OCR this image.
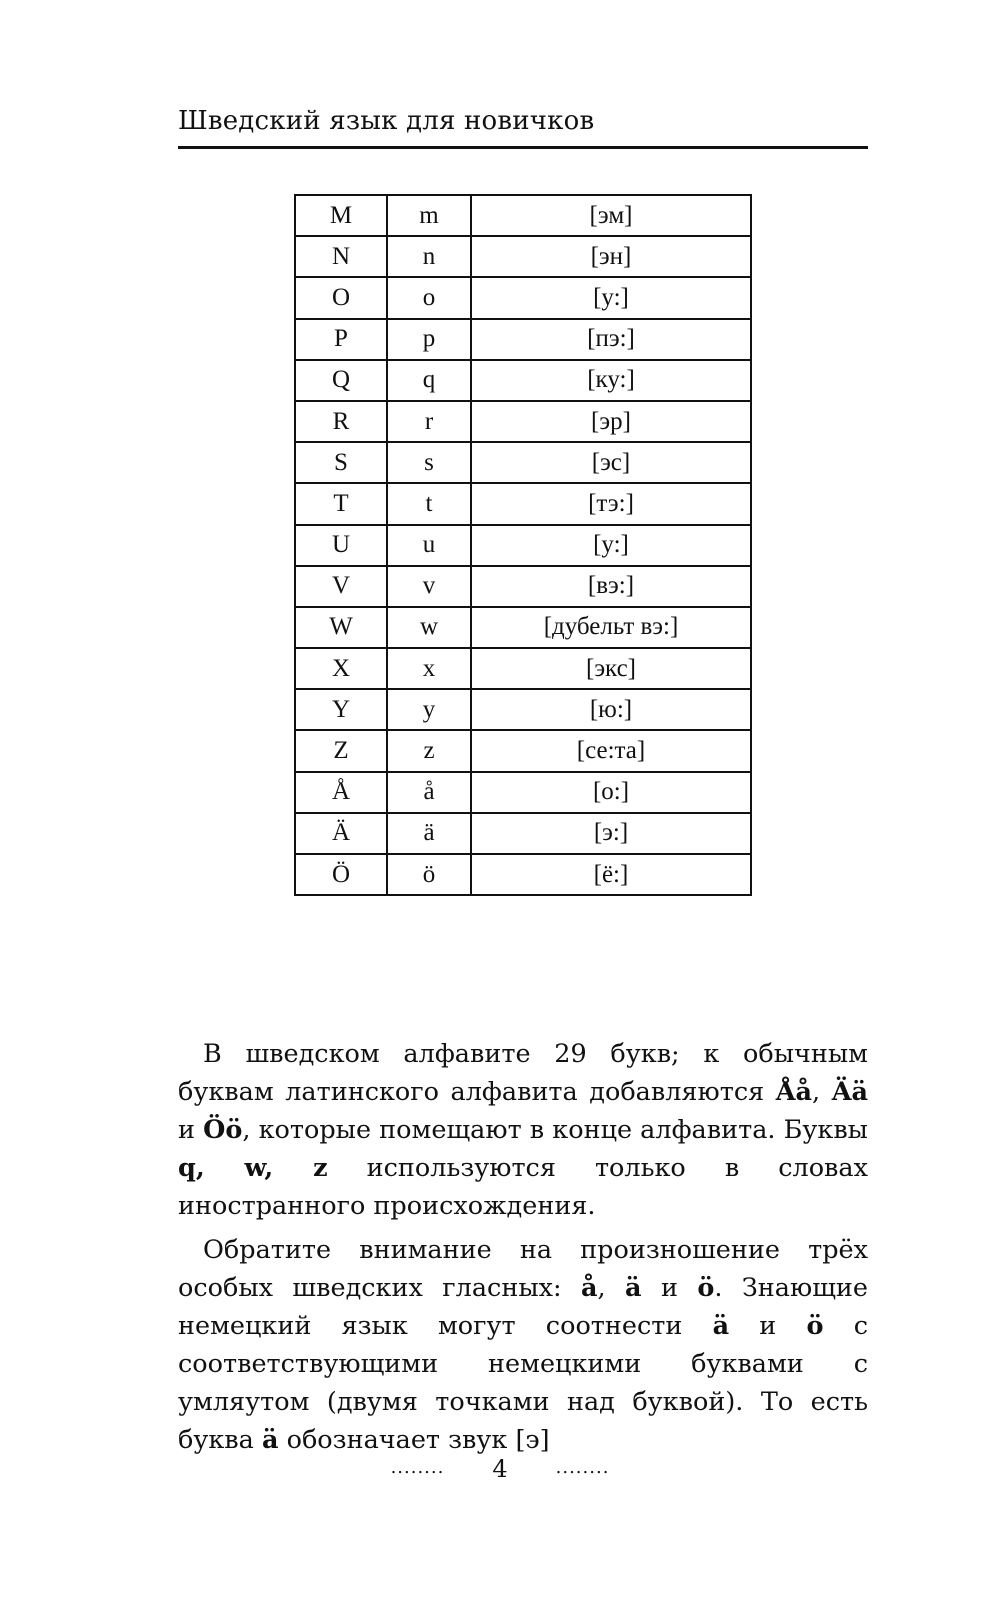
Шведский язык для новичков
M	m	[эм]
N	n	[эн]
O	o	[у:]
P	p	[пэ:]
Q	q	[ку:]
R	r	[эр]
S	s	[эс]
T	t	[тэ:]
U	u	[у:]
V	v	[вэ:]
W	w	[дубельт вэ:]
X	x	[экс]
Y	y	[ю:]
Z	z	[се:та]
Å	å	[о:]
Ä	ä	[э:]
Ö	ö	[ё:]

В шведском алфавите 29 букв; к обычным буквам латинского алфавита добавляются Åå, Ää и Öö, которые помещают в конце алфавита. Буквы q, w, z используются только в словах иностранного происхождения.

Обратите внимание на произношение трёх особых шведских гласных: å, ä и ö. Знающие немецкий язык могут соотнести ä и ö с соответствующими немецкими буквами с умляутом (двумя точками над буквой). То есть буква ä обозначает звук [э]

........ 4	........
